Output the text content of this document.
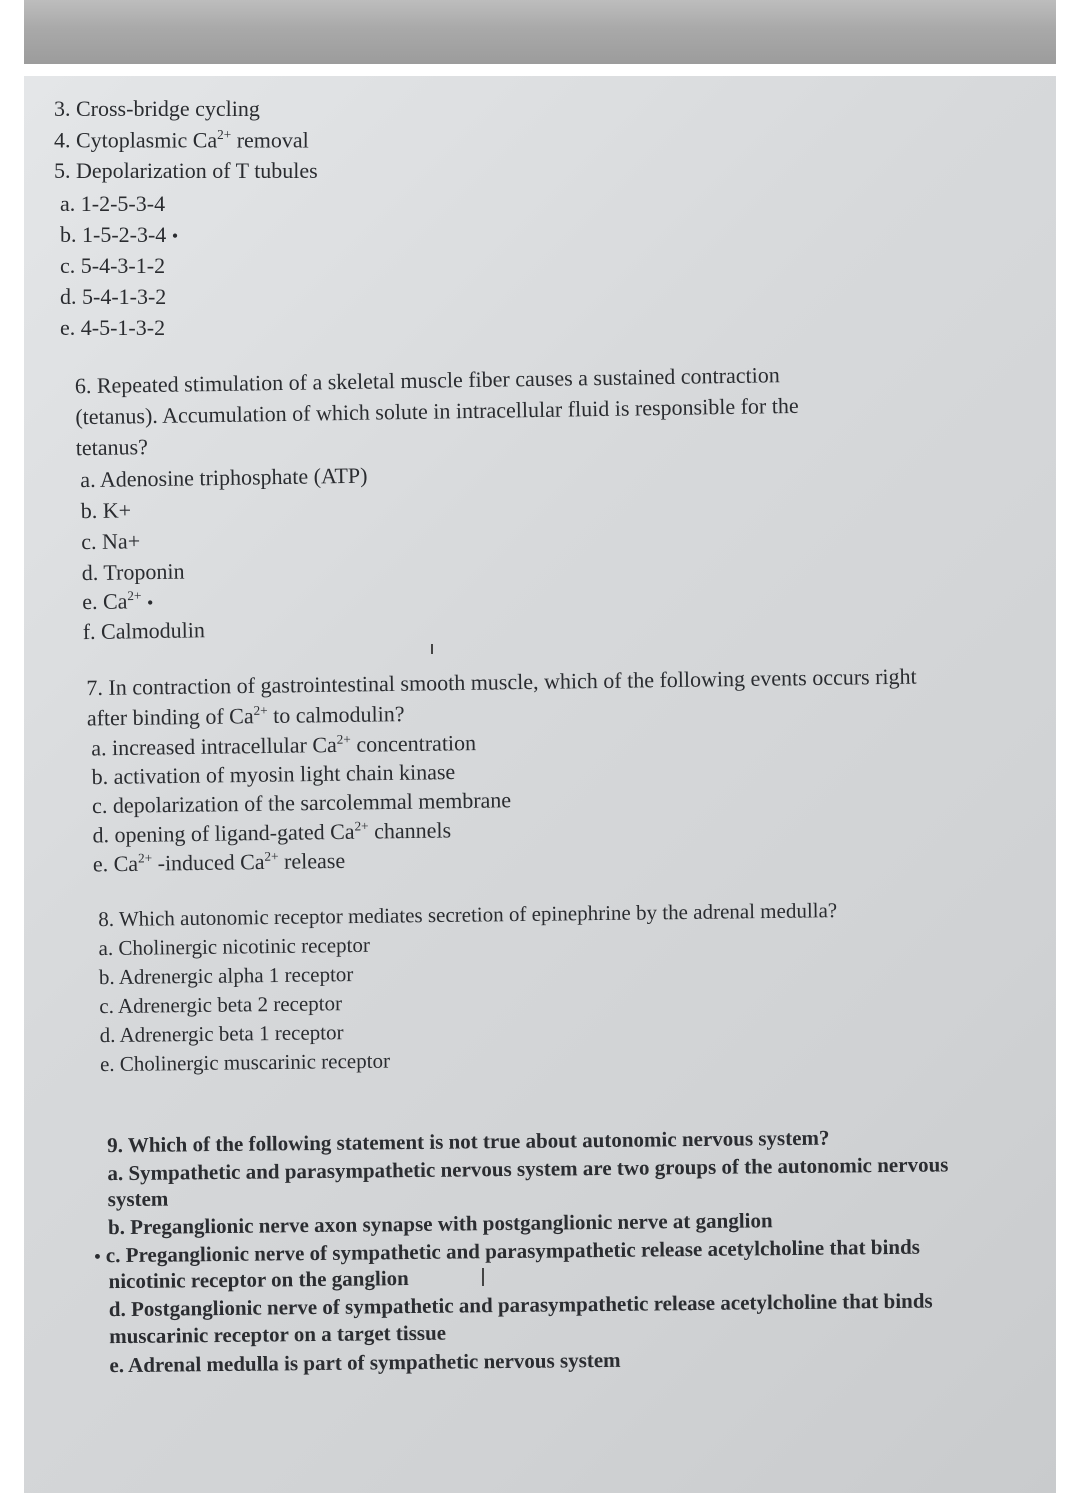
3. Cross-bridge cycling
4. Cytoplasmic $Ca^{2+}$ removal
5. Depolarization of T tubules
a. 1-2-5-3-4
b. 1-5-2-3-4 •
c. 5-4-3-1-2
d. 5-4-1-3-2
e. 4-5-1-3-2
6. Repeated stimulation of a skeletal muscle fiber causes a sustained contraction
(tetanus). Accumulation of which solute in intracellular fluid is responsible for the
tetanus?
a. Adenosine triphosphate (ATP)
b. K+
c. Na+
d. Troponin
e. $Ca^{2+}$ •
f. Calmodulin
7. In contraction of gastrointestinal smooth muscle, which of the following events occurs right
after binding of $Ca^{2+}$ to calmodulin?
a. increased intracellular $Ca^{2+}$ concentration
b. activation of myosin light chain kinase
c. depolarization of the sarcolemmal membrane
d. opening of ligand-gated $Ca^{2+}$ channels
e. $Ca^{2+}$ -induced $Ca^{2+}$ release
8. Which autonomic receptor mediates secretion of epinephrine by the adrenal medulla?
a. Cholinergic nicotinic receptor
b. Adrenergic alpha 1 receptor
c. Adrenergic beta 2 receptor
d. Adrenergic beta 1 receptor
e. Cholinergic muscarinic receptor
9. Which of the following statement is not true about autonomic nervous system?
a. Sympathetic and parasympathetic nervous system are two groups of the autonomic nervous
system
b. Preganglionic nerve axon synapse with postganglionic nerve at ganglion
• c. Preganglionic nerve of sympathetic and parasympathetic release acetylcholine that binds
nicotinic receptor on the ganglion
d. Postganglionic nerve of sympathetic and parasympathetic release acetylcholine that binds
muscarinic receptor on a target tissue
e. Adrenal medulla is part of sympathetic nervous system
